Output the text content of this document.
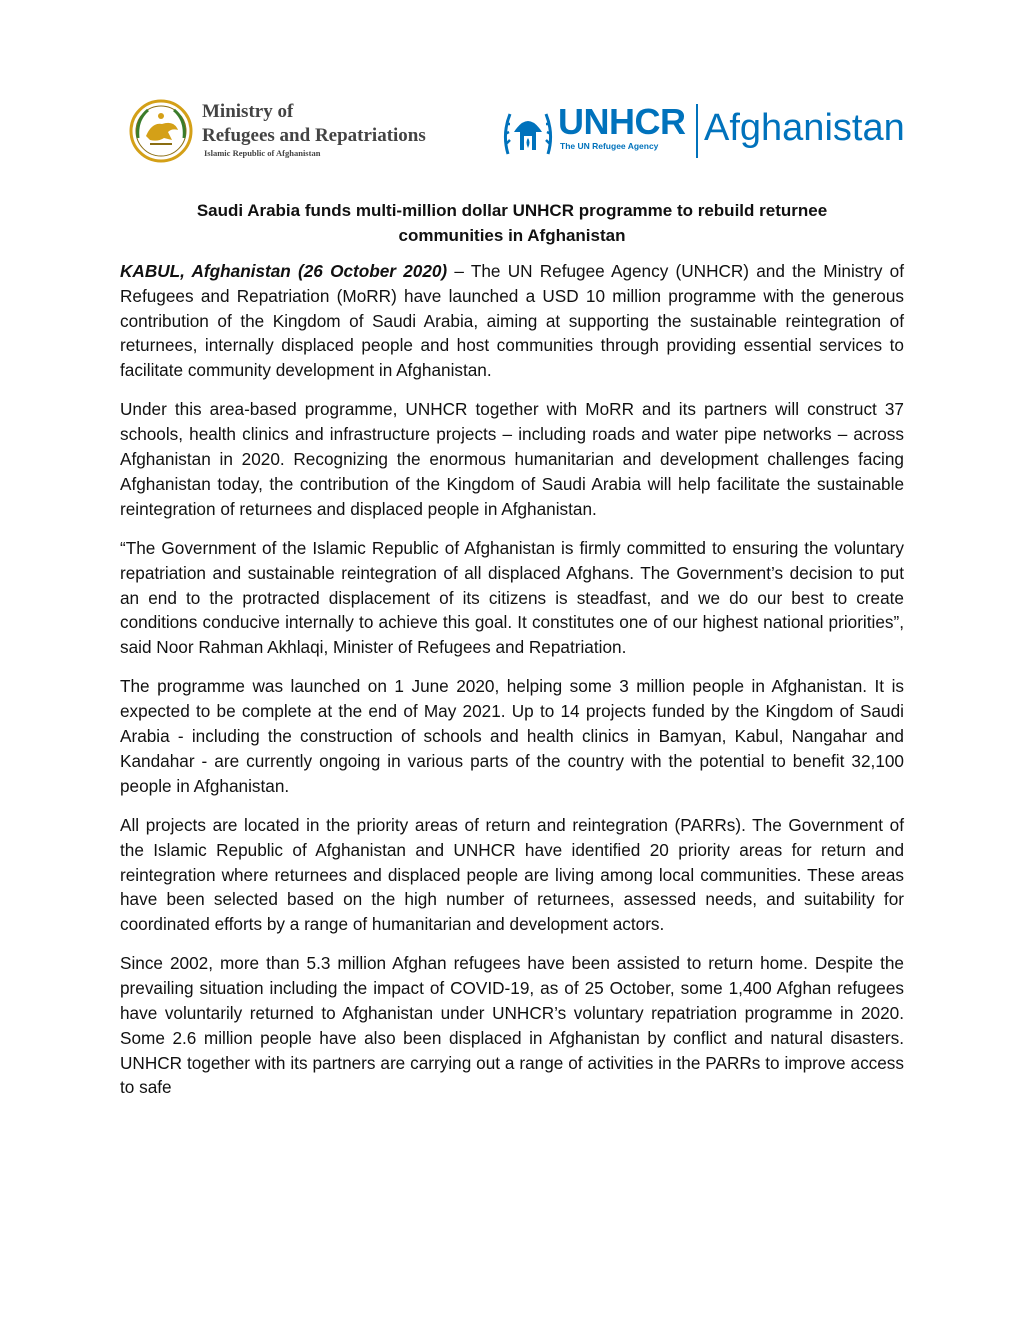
Ministry of
Refugees and Repatriations
Islamic Republic of Afghanistan
UNHCR
The UN Refugee Agency Afghanistan
Saudi Arabia funds multi-million dollar UNHCR programme to rebuild returnee
communities in Afghanistan

KABUL, Afghanistan (26 October 2020) – The UN Refugee Agency (UNHCR) and the Ministry of Refugees and Repatriation (MoRR) have launched a USD 10 million programme with the generous contribution of the Kingdom of Saudi Arabia, aiming at supporting the sustainable reintegration of returnees, internally displaced people and host communities through providing essential services to facilitate community development in Afghanistan.

Under this area-based programme, UNHCR together with MoRR and its partners will construct 37 schools, health clinics and infrastructure projects – including roads and water pipe networks – across Afghanistan in 2020. Recognizing the enormous humanitarian and development challenges facing Afghanistan today, the contribution of the Kingdom of Saudi Arabia will help facilitate the sustainable reintegration of returnees and displaced people in Afghanistan.

“The Government of the Islamic Republic of Afghanistan is firmly committed to ensuring the voluntary repatriation and sustainable reintegration of all displaced Afghans. The Government’s decision to put an end to the protracted displacement of its citizens is steadfast, and we do our best to create conditions conducive internally to achieve this goal. It constitutes one of our highest national priorities”, said Noor Rahman Akhlaqi, Minister of Refugees and Repatriation.

The programme was launched on 1 June 2020, helping some 3 million people in Afghanistan. It is expected to be complete at the end of May 2021. Up to 14 projects funded by the Kingdom of Saudi Arabia - including the construction of schools and health clinics in Bamyan, Kabul, Nangahar and Kandahar - are currently ongoing in various parts of the country with the potential to benefit 32,100 people in Afghanistan.

All projects are located in the priority areas of return and reintegration (PARRs). The Government of the Islamic Republic of Afghanistan and UNHCR have identified 20 priority areas for return and reintegration where returnees and displaced people are living among local communities. These areas have been selected based on the high number of returnees, assessed needs, and suitability for coordinated efforts by a range of humanitarian and development actors.

Since 2002, more than 5.3 million Afghan refugees have been assisted to return home. Despite the prevailing situation including the impact of COVID-19, as of 25 October, some 1,400 Afghan refugees have voluntarily returned to Afghanistan under UNHCR’s voluntary repatriation programme in 2020. Some 2.6 million people have also been displaced in Afghanistan by conflict and natural disasters. UNHCR together with its partners are carrying out a range of activities in the PARRs to improve access to safe
